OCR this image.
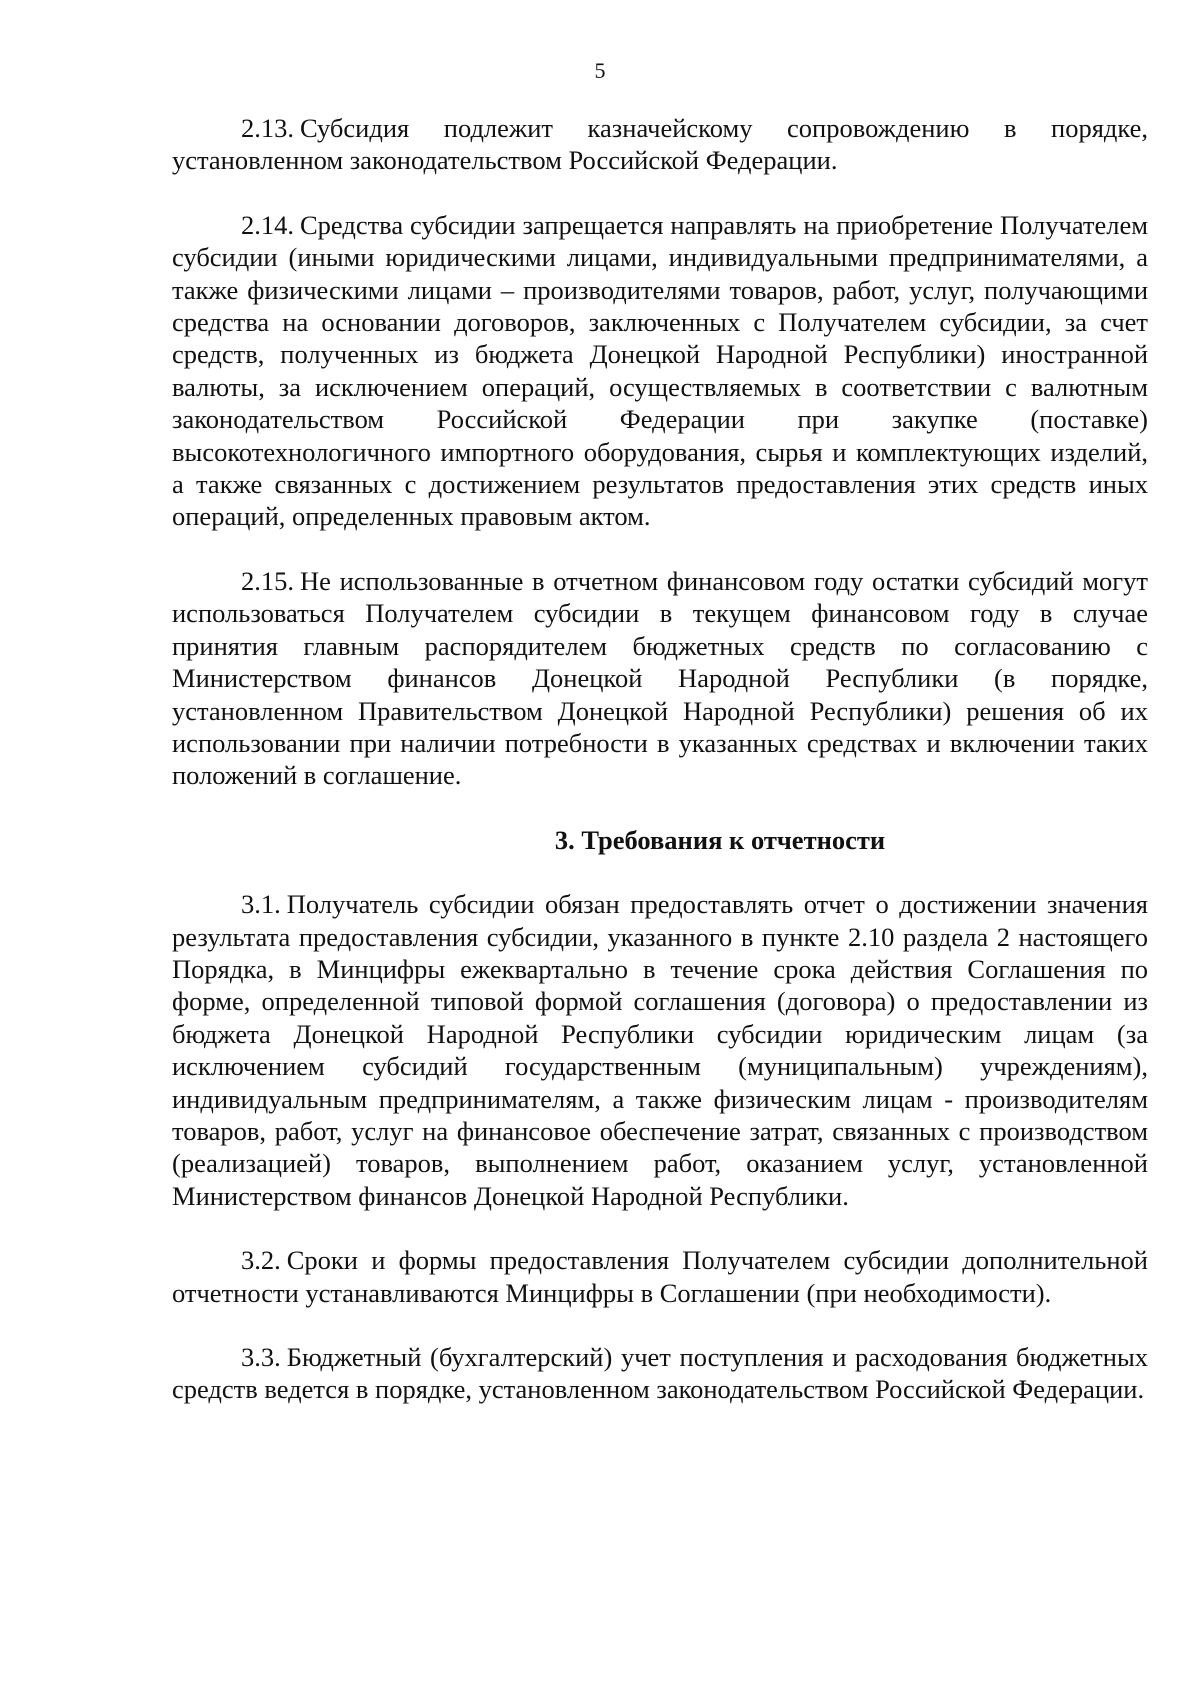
5

2.13. Субсидия подлежит казначейскому сопровождению в порядке, установленном законодательством Российской Федерации.

2.14. Средства субсидии запрещается направлять на приобретение Получателем субсидии (иными юридическими лицами, индивидуальными предпринимателями, а также физическими лицами – производителями товаров, работ, услуг, получающими средства на основании договоров, заключенных с Получателем субсидии, за счет средств, полученных из бюджета Донецкой Народной Республики) иностранной валюты, за исключением операций, осуществляемых в соответствии с валютным законодательством Российской Федерации при закупке (поставке) высокотехнологичного импортного оборудования, сырья и комплектующих изделий, а также связанных с достижением результатов предоставления этих средств иных операций, определенных правовым актом.

2.15. Не использованные в отчетном финансовом году остатки субсидий могут использоваться Получателем субсидии в текущем финансовом году в случае принятия главным распорядителем бюджетных средств по согласованию с Министерством финансов Донецкой Народной Республики (в порядке, установленном Правительством Донецкой Народной Республики) решения об их использовании при наличии потребности в указанных средствах и включении таких положений в соглашение.

3. Требования к отчетности

3.1. Получатель субсидии обязан предоставлять отчет о достижении значения результата предоставления субсидии, указанного в пункте 2.10 раздела 2 настоящего Порядка, в Минцифры ежеквартально в течение срока действия Соглашения по форме, определенной типовой формой соглашения (договора) о предоставлении из бюджета Донецкой Народной Республики субсидии юридическим лицам (за исключением субсидий государственным (муниципальным) учреждениям), индивидуальным предпринимателям, а также физическим лицам - производителям товаров, работ, услуг на финансовое обеспечение затрат, связанных с производством (реализацией) товаров, выполнением работ, оказанием услуг, установленной Министерством финансов Донецкой Народной Республики.

3.2. Сроки и формы предоставления Получателем субсидии дополнительной отчетности устанавливаются Минцифры в Соглашении (при необходимости).

3.3. Бюджетный (бухгалтерский) учет поступления и расходования бюджетных средств ведется в порядке, установленном законодательством Российской Федерации.
